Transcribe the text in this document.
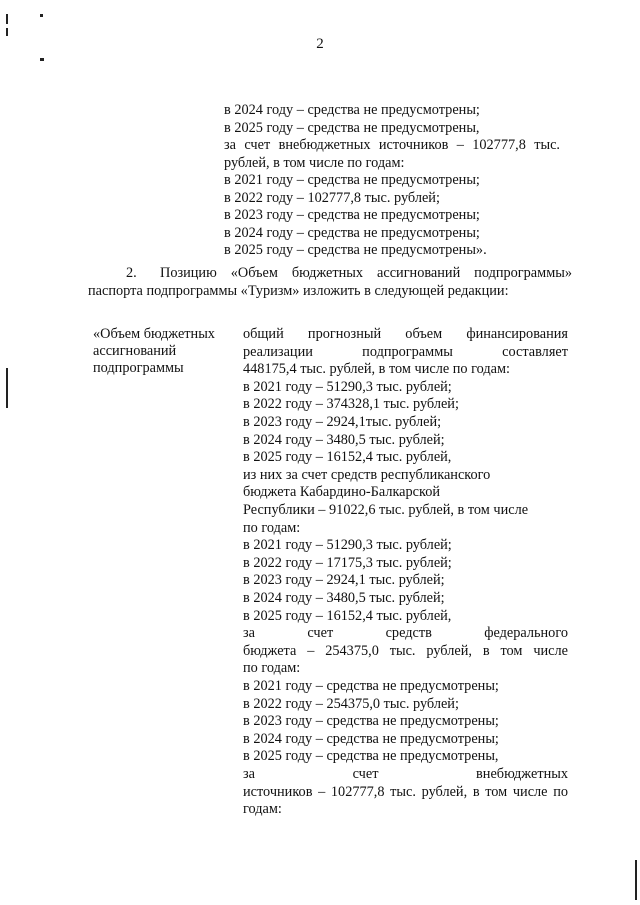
2
в 2024 году – средства не предусмотрены;
в 2025 году – средства не предусмотрены,
за счет внебюджетных источников – 102777,8 тыс.
рублей, в том числе по годам:
в 2021 году – средства не предусмотрены;
в 2022 году – 102777,8 тыс. рублей;
в 2023 году – средства не предусмотрены;
в 2024 году – средства не предусмотрены;
в 2025 году – средства не предусмотрены».
2. Позицию «Объем бюджетных ассигнований подпрограммы»
паспорта подпрограммы «Туризм» изложить в следующей редакции:
«Объем бюджетных
ассигнований
подпрограммы
общий прогнозный объем финансирования
реализации подпрограммы составляет
448175,4 тыс. рублей, в том числе по годам:
в 2021 году – 51290,3 тыс. рублей;
в 2022 году – 374328,1 тыс. рублей;
в 2023 году – 2924,1тыс. рублей;
в 2024 году – 3480,5 тыс. рублей;
в 2025 году – 16152,4 тыс. рублей,
из них за счет средств республиканского
бюджета Кабардино-Балкарской
Республики – 91022,6 тыс. рублей, в том числе
по годам:
в 2021 году – 51290,3 тыс. рублей;
в 2022 году – 17175,3 тыс. рублей;
в 2023 году – 2924,1 тыс. рублей;
в 2024 году – 3480,5 тыс. рублей;
в 2025 году – 16152,4 тыс. рублей,
за счет средств федерального
бюджета – 254375,0 тыс. рублей, в том числе
по годам:
в 2021 году – средства не предусмотрены;
в 2022 году – 254375,0 тыс. рублей;
в 2023 году – средства не предусмотрены;
в 2024 году – средства не предусмотрены;
в 2025 году – средства не предусмотрены,
за счет внебюджетных
источников – 102777,8 тыс. рублей, в том числе по
годам:
